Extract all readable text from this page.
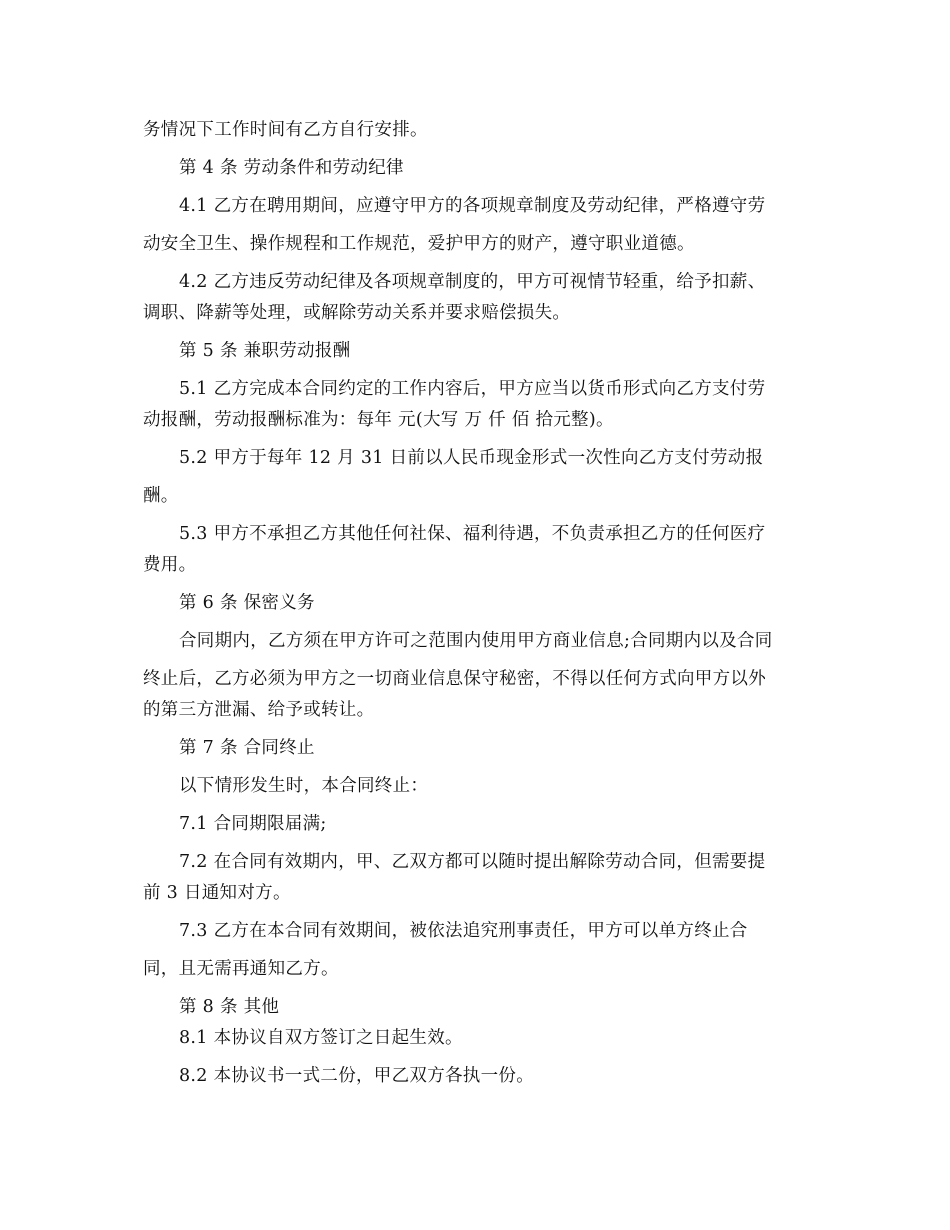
务情况下工作时间有乙方自行安排。
第 4 条 劳动条件和劳动纪律
4.1 乙方在聘用期间，应遵守甲方的各项规章制度及劳动纪律，严格遵守劳
动安全卫生、操作规程和工作规范，爱护甲方的财产，遵守职业道德。
4.2 乙方违反劳动纪律及各项规章制度的，甲方可视情节轻重，给予扣薪、
调职、降薪等处理，或解除劳动关系并要求赔偿损失。
第 5 条 兼职劳动报酬
5.1 乙方完成本合同约定的工作内容后，甲方应当以货币形式向乙方支付劳
动报酬，劳动报酬标准为：每年 元(大写 万 仟 佰 拾元整)。
5.2 甲方于每年 12 月 31 日前以人民币现金形式一次性向乙方支付劳动报
酬。
5.3 甲方不承担乙方其他任何社保、福利待遇，不负责承担乙方的任何医疗
费用。
第 6 条 保密义务
合同期内，乙方须在甲方许可之范围内使用甲方商业信息;合同期内以及合同
终止后，乙方必须为甲方之一切商业信息保守秘密，不得以任何方式向甲方以外
的第三方泄漏、给予或转让。
第 7 条 合同终止
以下情形发生时，本合同终止：
7.1 合同期限届满;
7.2 在合同有效期内，甲、乙双方都可以随时提出解除劳动合同，但需要提
前 3 日通知对方。
7.3 乙方在本合同有效期间，被依法追究刑事责任，甲方可以单方终止合
同，且无需再通知乙方。
第 8 条 其他
8.1 本协议自双方签订之日起生效。
8.2 本协议书一式二份，甲乙双方各执一份。
